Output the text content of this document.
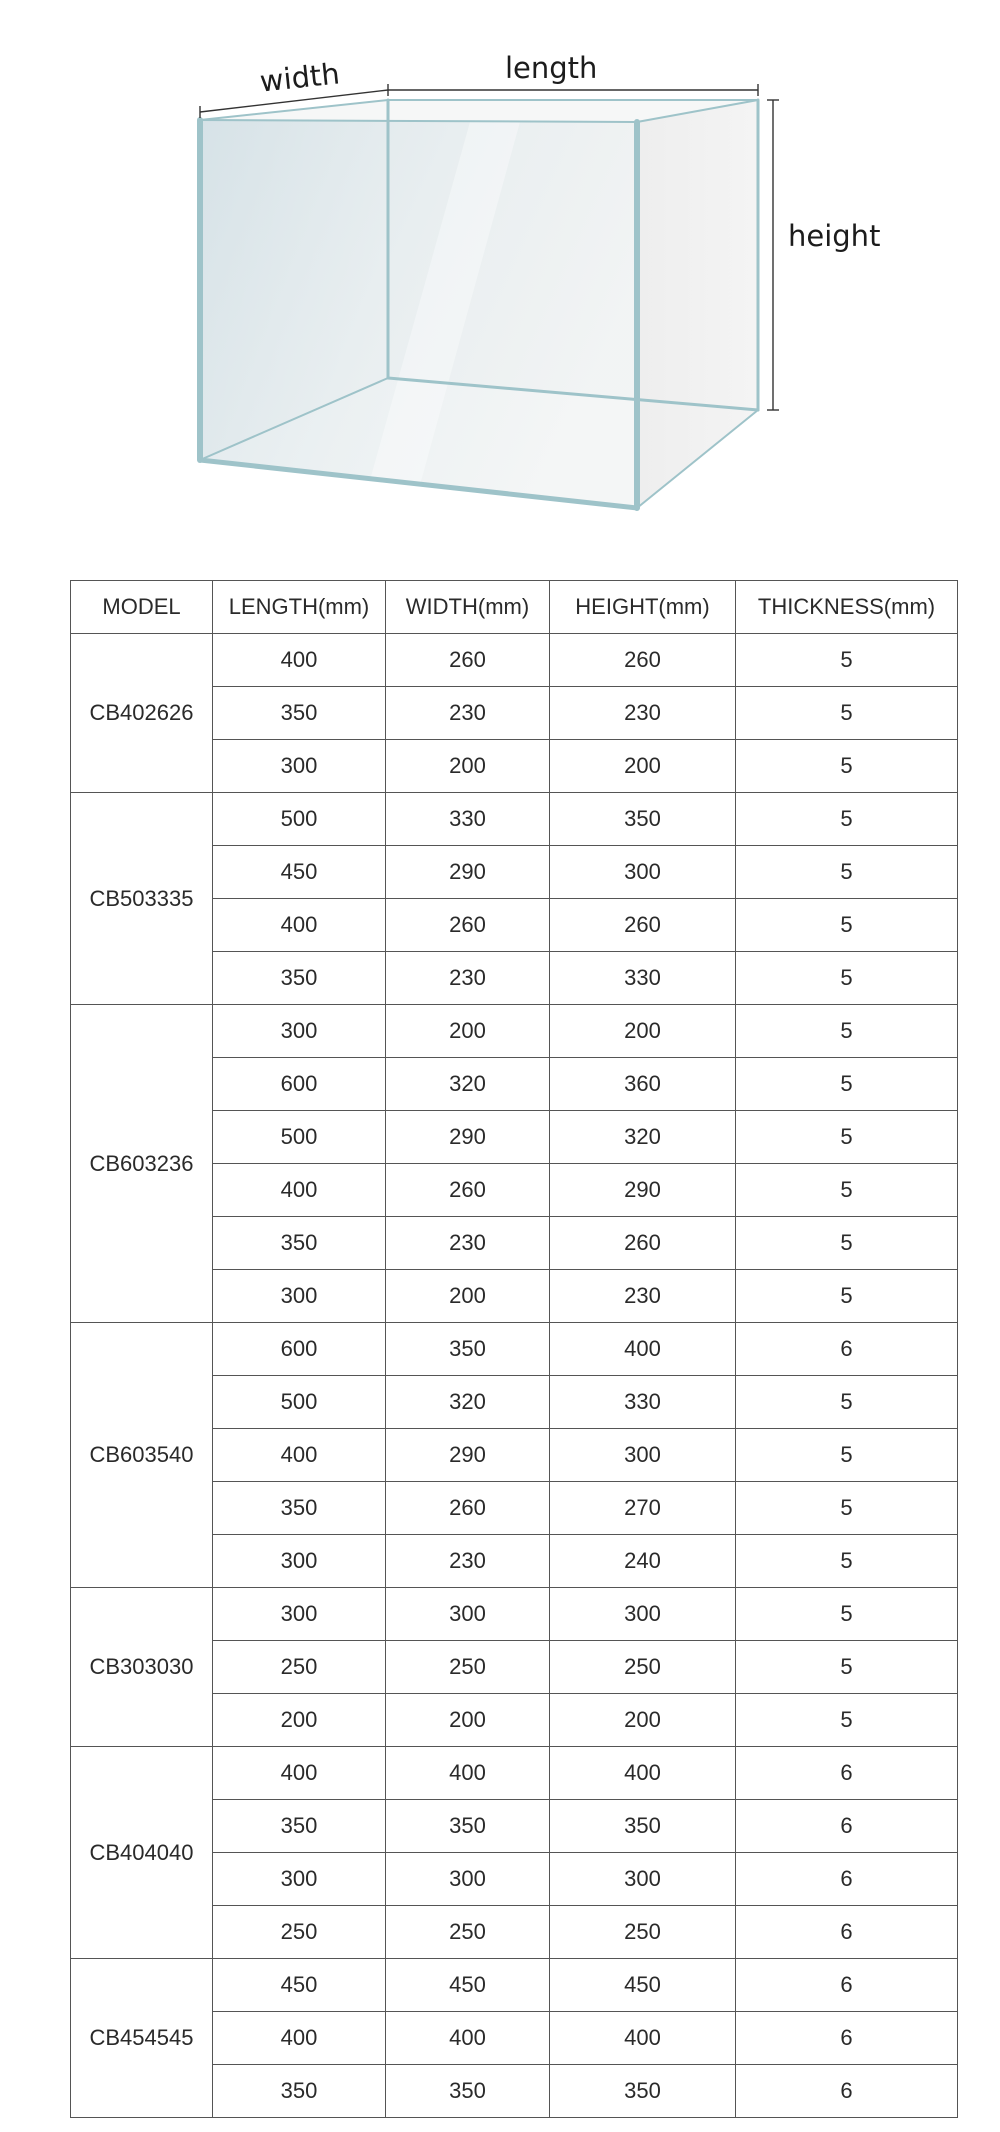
width	length
height
MODEL	LENGTH(mm)	WIDTH(mm)	HEIGHT(mm)	THICKNESS(mm)
CB402626	400	260	260	5
	350	230	230	5
	300	200	200	5
CB503335	500	330	350	5
	450	290	300	5
	400	260	260	5
	350	230	330	5
CB603236	300	200	200	5
	600	320	360	5
	500	290	320	5
	400	260	290	5
	350	230	260	5
	300	200	230	5
CB603540	600	350	400	6
	500	320	330	5
	400	290	300	5
	350	260	270	5
	300	230	240	5
CB303030	300	300	300	5
	250	250	250	5
	200	200	200	5
CB404040	400	400	400	6
	350	350	350	6
	300	300	300	6
	250	250	250	6
CB454545	450	450	450	6
	400	400	400	6
	350	350	350	6
